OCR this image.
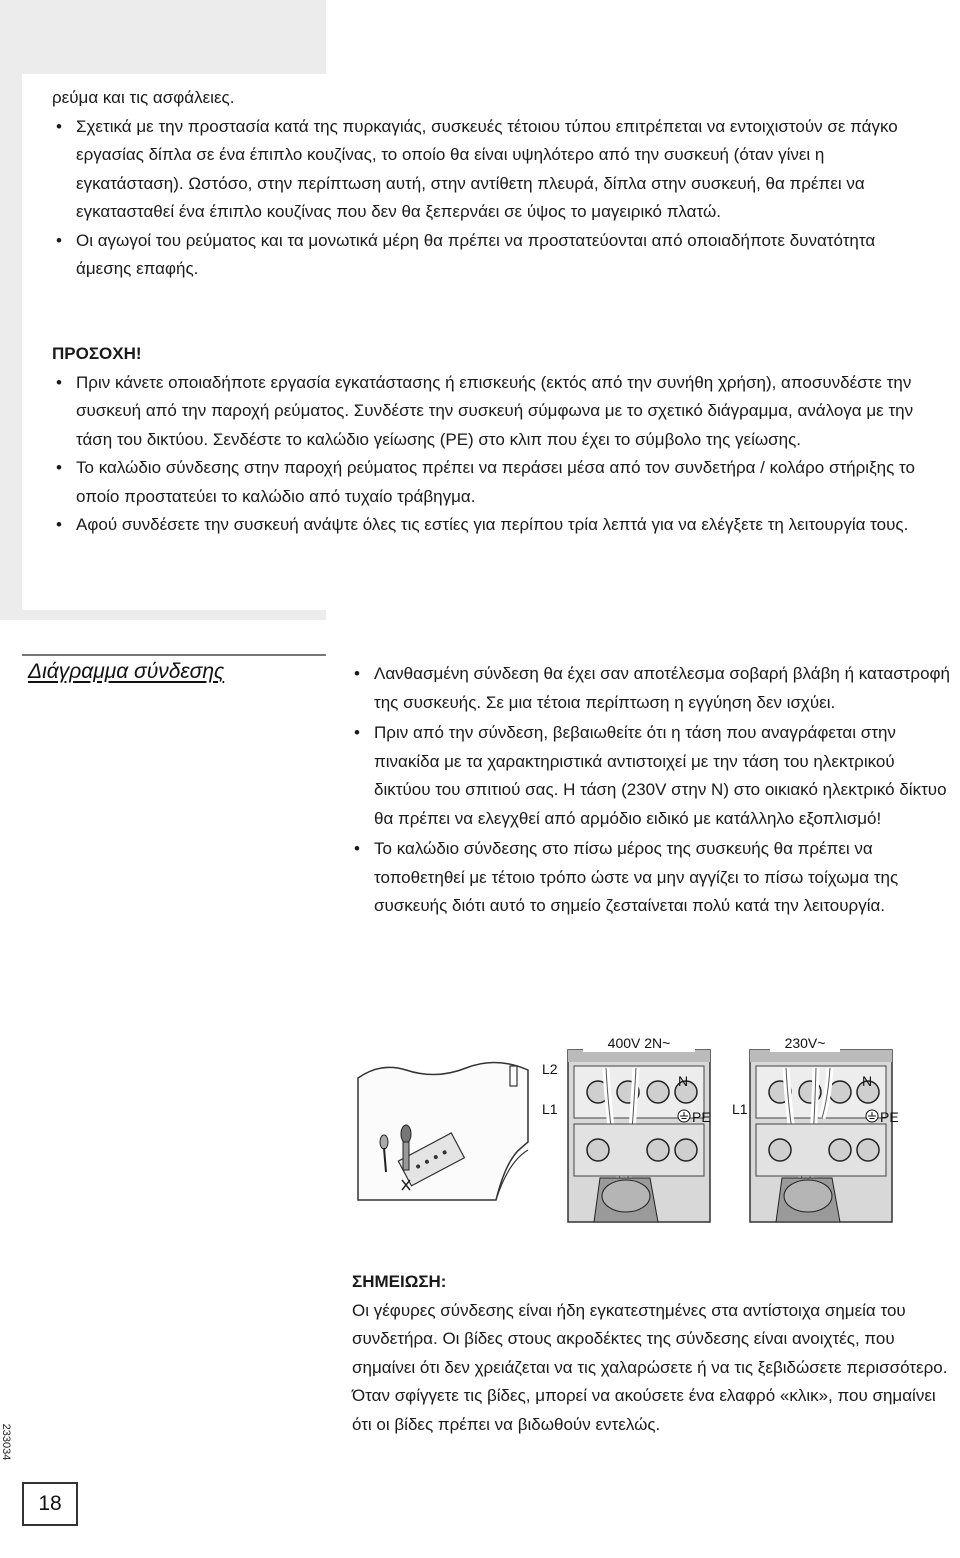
ρεύμα και τις ασφάλειες.
• Σχετικά με την προστασία κατά της πυρκαγιάς, συσκευές τέτοιου τύπου επιτρέπεται να εντοιχιστούν σε πάγκο εργασίας δίπλα σε ένα έπιπλο κουζίνας, το οποίο θα είναι υψηλότερο από την συσκευή (όταν γίνει η εγκατάσταση). Ωστόσο, στην περίπτωση αυτή, στην αντίθετη πλευρά, δίπλα στην συσκευή, θα πρέπει να εγκατασταθεί ένα έπιπλο κουζίνας που δεν θα ξεπερνάει σε ύψος το μαγειρικό πλατώ.
• Οι αγωγοί του ρεύματος και τα μονωτικά μέρη θα πρέπει να προστατεύονται από οποιαδήποτε δυνατότητα άμεσης επαφής.
ΠΡΟΣΟΧΗ!
• Πριν κάνετε οποιαδήποτε εργασία εγκατάστασης ή επισκευής (εκτός από την συνήθη χρήση), αποσυνδέστε την συσκευή από την παροχή ρεύματος. Συνδέστε την συσκευή σύμφωνα με το σχετικό διάγραμμα, ανάλογα με την τάση του δικτύου. Σενδέστε το καλώδιο γείωσης (PE) στο κλιπ που έχει το σύμβολο της γείωσης.
• Το καλώδιο σύνδεσης στην παροχή ρεύματος πρέπει να περάσει μέσα από τον συνδετήρα / κολάρο στήριξης το οποίο προστατεύει το καλώδιο από τυχαίο τράβηγμα.
• Αφού συνδέσετε την συσκευή ανάψτε όλες τις εστίες για περίπου τρία λεπτά για να ελέγξετε τη λειτουργία τους.
Διάγραμμα σύνδεσης	• Λανθασμένη σύνδεση θα έχει σαν αποτέλεσμα σοβαρή βλάβη ή καταστροφή της συσκευής. Σε μια τέτοια περίπτωση η εγγύηση δεν ισχύει.
• Πριν από την σύνδεση, βεβαιωθείτε ότι η τάση που αναγράφεται στην πινακίδα με τα χαρακτηριστικά αντιστοιχεί με την τάση του ηλεκτρικού δικτύου του σπιτιού σας. Η τάση (230V στην N) στο οικιακό ηλεκτρικό δίκτυο θα πρέπει να ελεγχθεί από αρμόδιο ειδικό με κατάλληλο εξοπλισμό!
• Το καλώδιο σύνδεσης στο πίσω μέρος της συσκευής θα πρέπει να τοποθετηθεί με τέτοιο τρόπο ώστε να μην αγγίζει το πίσω τοίχωμα της συσκευής διότι αυτό το σημείο ζεσταίνεται πολύ κατά την λειτουργία.
400V 2N~
L2
L1
N
PE
230V~
L1
N
PE
ΣΗΜΕΙΩΣΗ:
Οι γέφυρες σύνδεσης είναι ήδη εγκατεστημένες στα αντίστοιχα σημεία του συνδετήρα. Οι βίδες στους ακροδέκτες της σύνδεσης είναι ανοιχτές, που σημαίνει ότι δεν χρειάζεται να τις χαλαρώσετε ή να τις ξεβιδώσετε περισσότερο. Όταν σφίγγετε τις βίδες, μπορεί να ακούσετε ένα ελαφρό «κλικ», που σημαίνει ότι οι βίδες πρέπει να βιδωθούν εντελώς.
233034
18
